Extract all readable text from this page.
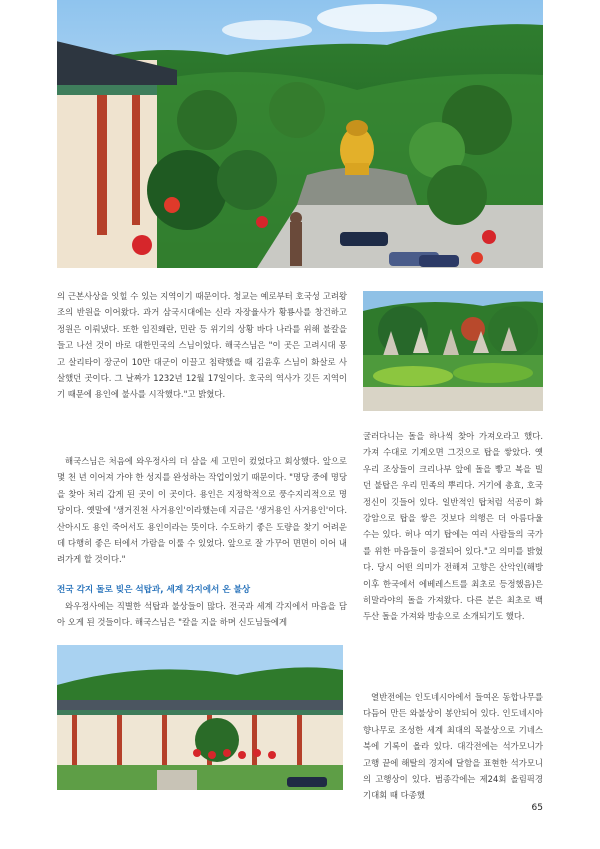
의 근본사상을 잇힐 수 있는 지역이기 때문이다. 청교는 예로부터 호국성 고려왕조의 반원을 이어왔다. 과거 삼국시대에는 신라 자장율사가 황룡사를 창건하고 정원은 이뤄냈다. 또한 임진왜란, 민란 등 위기의 상황 바다 나라를 위해 불칼을 들고 나선 것이 바로 대한민국의 스님이었다. 해국스님은 "이 곳은 고려시대 몽고 살리타이 장군이 10만 대군이 이끌고 침략했을 때 김윤후 스님이 화살로 사살했던 곳이다. 그 날짜가 1232년 12월 17일이다. 호국의 역사가 깃든 지역이기 때문에 용인에 불사를 시작했다."고 밝혔다.

해국스님은 처음에 와우정사의 더 삼을 세 고민이 컸었다고 회상했다. 앞으로 몇 천 년 이어져 가야 한 성지를 완성하는 작업이었기 때문이다. "명당 중에 명당을 찾아 처리 갑게 된 곳이 이 곳이다. 용인은 지정학적으로 풍수지리적으로 명당이다. 옛말에 '생거진천 사거용인'이라했는데 지금은 '생거용인 사거용인'이다. 산아시도 용인 죽어서도 용인이라는 뜻이다. 수도하기 좋은 도량을 찾기 어려운데 다행히 좋은 터에서 가람을 이룰 수 있었다. 앞으로 잘 가꾸어 면면이 이어 내려가게 할 것이다."

전국 각지 돌로 빚은 석탑과, 세계 각지에서 온 불상

와우정사에는 직별한 석탑과 불상들이 많다. 전국과 세계 각지에서 마음을 담아 오게 된 것들이다. 해국스님은 "칼을 지을 하며 신도님들에게

굴러다니는 돌을 하나씩 찾아 가져오라고 했다. 가져 수대로 기계오면 그것으로 탑을 쌓았다. 옛 우리 조상들이 크리나부 앞에 돌을 빻고 복을 빌던 불탑은 우리 민족의 뿌리다. 거기에 총효, 호국정신이 깃들어 있다. 일반적인 탑처럼 석공이 화강암으로 탑을 쌓은 것보다 의행은 더 아름다울 수는 있다. 허나 여기 탑에는 여러 사람들의 국가를 위한 마음들이 응결되어 있다."고 의미를 밝혔다. 당시 어떤 의미가 전해져 고향은 산악인(해방 이후 한국에서 에베레스트를 최초로 등정했음)은 히말라야의 돌을 가져왔다. 다른 분은 최초로 백두산 돌을 가져와 방송으로 소개되기도 했다.

열반전에는 인도네시아에서 들여온 동합나무를 다듬어 만든 와불상이 봉안되어 있다. 인도네시아 향나무로 조성한 세계 최대의 목불상으로 기네스북에 기록이 올라 있다. 대각전에는 석가모니가 고행 끝에 해탈의 경지에 달함을 표현한 석가모니의 고행상이 있다. 범종각에는 제24회 올림픽경기대회 때 다종했

65
